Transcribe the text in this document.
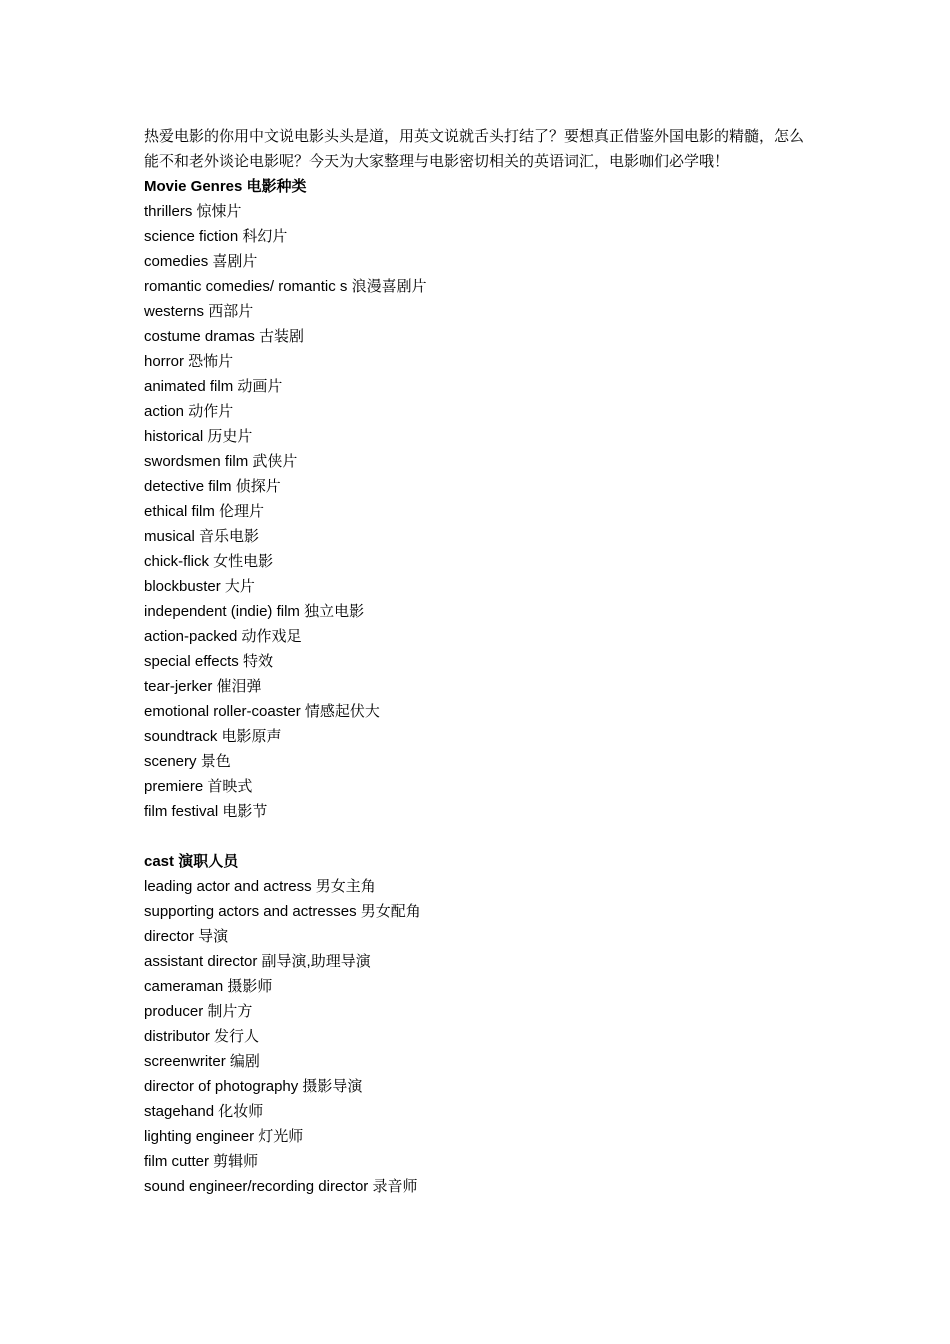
热爱电影的你用中文说电影头头是道，用英文说就舌头打结了？要想真正借鉴外国电影的精髓，怎么能不和老外谈论电影呢？今天为大家整理与电影密切相关的英语词汇，电影咖们必学哦！
Movie Genres 电影种类
thrillers 惊悚片
science fiction 科幻片
comedies 喜剧片
romantic comedies/ romantic s 浪漫喜剧片
westerns 西部片
costume dramas 古装剧
horror 恐怖片
animated film 动画片
action 动作片
historical 历史片
swordsmen film 武侠片
detective film 侦探片
ethical film 伦理片
musical 音乐电影
chick-flick 女性电影
blockbuster 大片
independent (indie) film 独立电影
action-packed 动作戏足
special effects 特效
tear-jerker 催泪弹
emotional roller-coaster 情感起伏大
soundtrack 电影原声
scenery 景色
premiere 首映式
film festival 电影节
cast 演职人员
leading actor and actress 男女主角
supporting actors and actresses 男女配角
director 导演
assistant director 副导演,助理导演
cameraman 摄影师
producer 制片方
distributor 发行人
screenwriter 编剧
director of photography 摄影导演
stagehand 化妆师
lighting engineer 灯光师
film cutter 剪辑师
sound engineer/recording director 录音师
